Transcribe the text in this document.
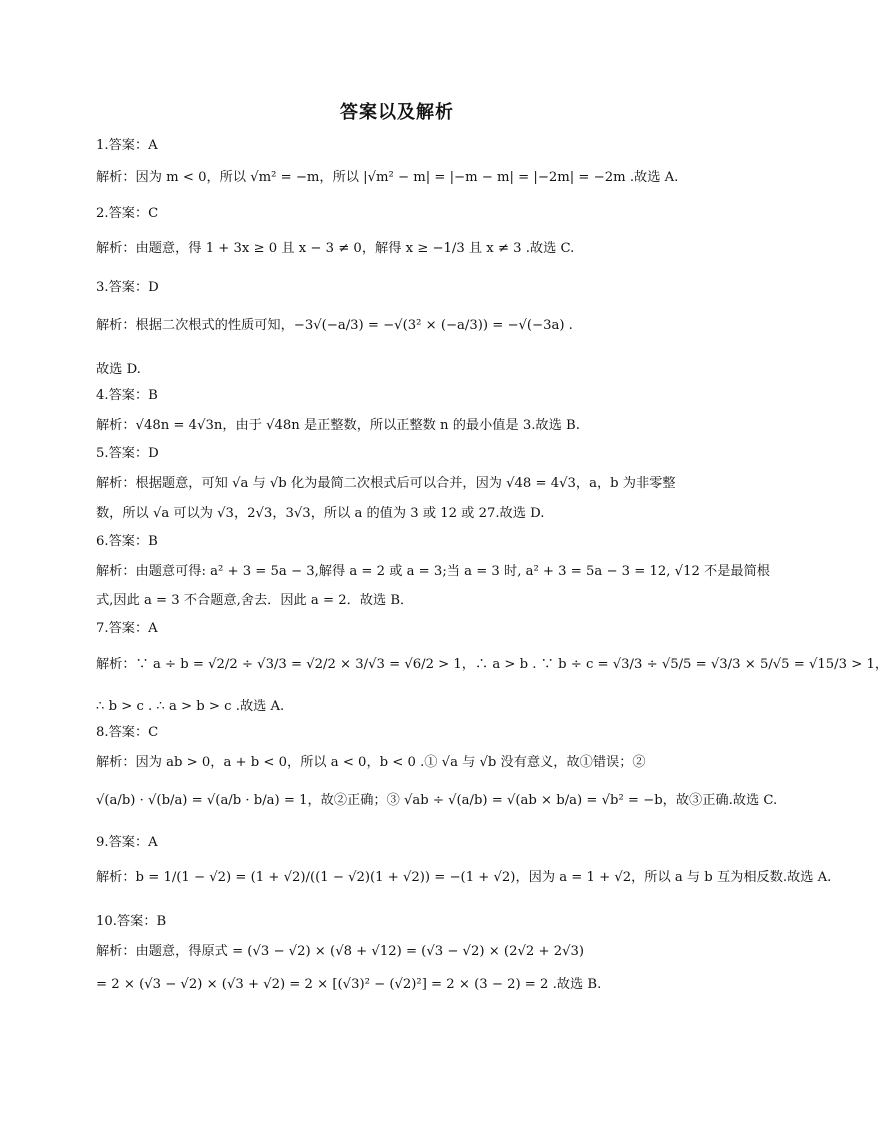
答案以及解析
1.答案：A
解析：因为 m < 0，所以 √m² = −m，所以 |√m² − m| = |−m − m| = |−2m| = −2m .故选 A.
2.答案：C
解析：由题意，得 1 + 3x ≥ 0 且 x − 3 ≠ 0，解得 x ≥ −1/3 且 x ≠ 3 .故选 C.
3.答案：D
解析：根据二次根式的性质可知，−3√(−a/3) = −√(3² × (−a/3)) = −√(−3a) .
故选 D.
4.答案：B
解析：√48n = 4√3n，由于 √48n 是正整数，所以正整数 n 的最小值是 3.故选 B.
5.答案：D
解析：根据题意，可知 √a 与 √b 化为最简二次根式后可以合并，因为 √48 = 4√3，a，b 为非零整
数，所以 √a 可以为 √3，2√3，3√3，所以 a 的值为 3 或 12 或 27.故选 D.
6.答案：B
解析：由题意可得: a² + 3 = 5a − 3,解得 a = 2 或 a = 3;当 a = 3 时, a² + 3 = 5a − 3 = 12, √12 不是最简根
式,因此 a = 3 不合题意,舍去．因此 a = 2．故选 B．
7.答案：A
解析：∵ a ÷ b = √2/2 ÷ √3/3 = √2/2 × 3/√3 = √6/2 > 1，∴ a > b . ∵ b ÷ c = √3/3 ÷ √5/5 = √3/3 × 5/√5 = √15/3 > 1，
∴ b > c . ∴ a > b > c .故选 A.
8.答案：C
解析：因为 ab > 0，a + b < 0，所以 a < 0，b < 0 .① √a 与 √b 没有意义，故①错误；②
√(a/b) · √(b/a) = √(a/b · b/a) = 1，故②正确；③ √ab ÷ √(a/b) = √(ab × b/a) = √b² = −b，故③正确.故选 C.
9.答案：A
解析：b = 1/(1 − √2) = (1 + √2)/((1 − √2)(1 + √2)) = −(1 + √2)，因为 a = 1 + √2，所以 a 与 b 互为相反数.故选 A.
10.答案：B
解析：由题意，得原式 = (√3 − √2) × (√8 + √12) = (√3 − √2) × (2√2 + 2√3)
= 2 × (√3 − √2) × (√3 + √2) = 2 × [(√3)² − (√2)²] = 2 × (3 − 2) = 2 .故选 B.
